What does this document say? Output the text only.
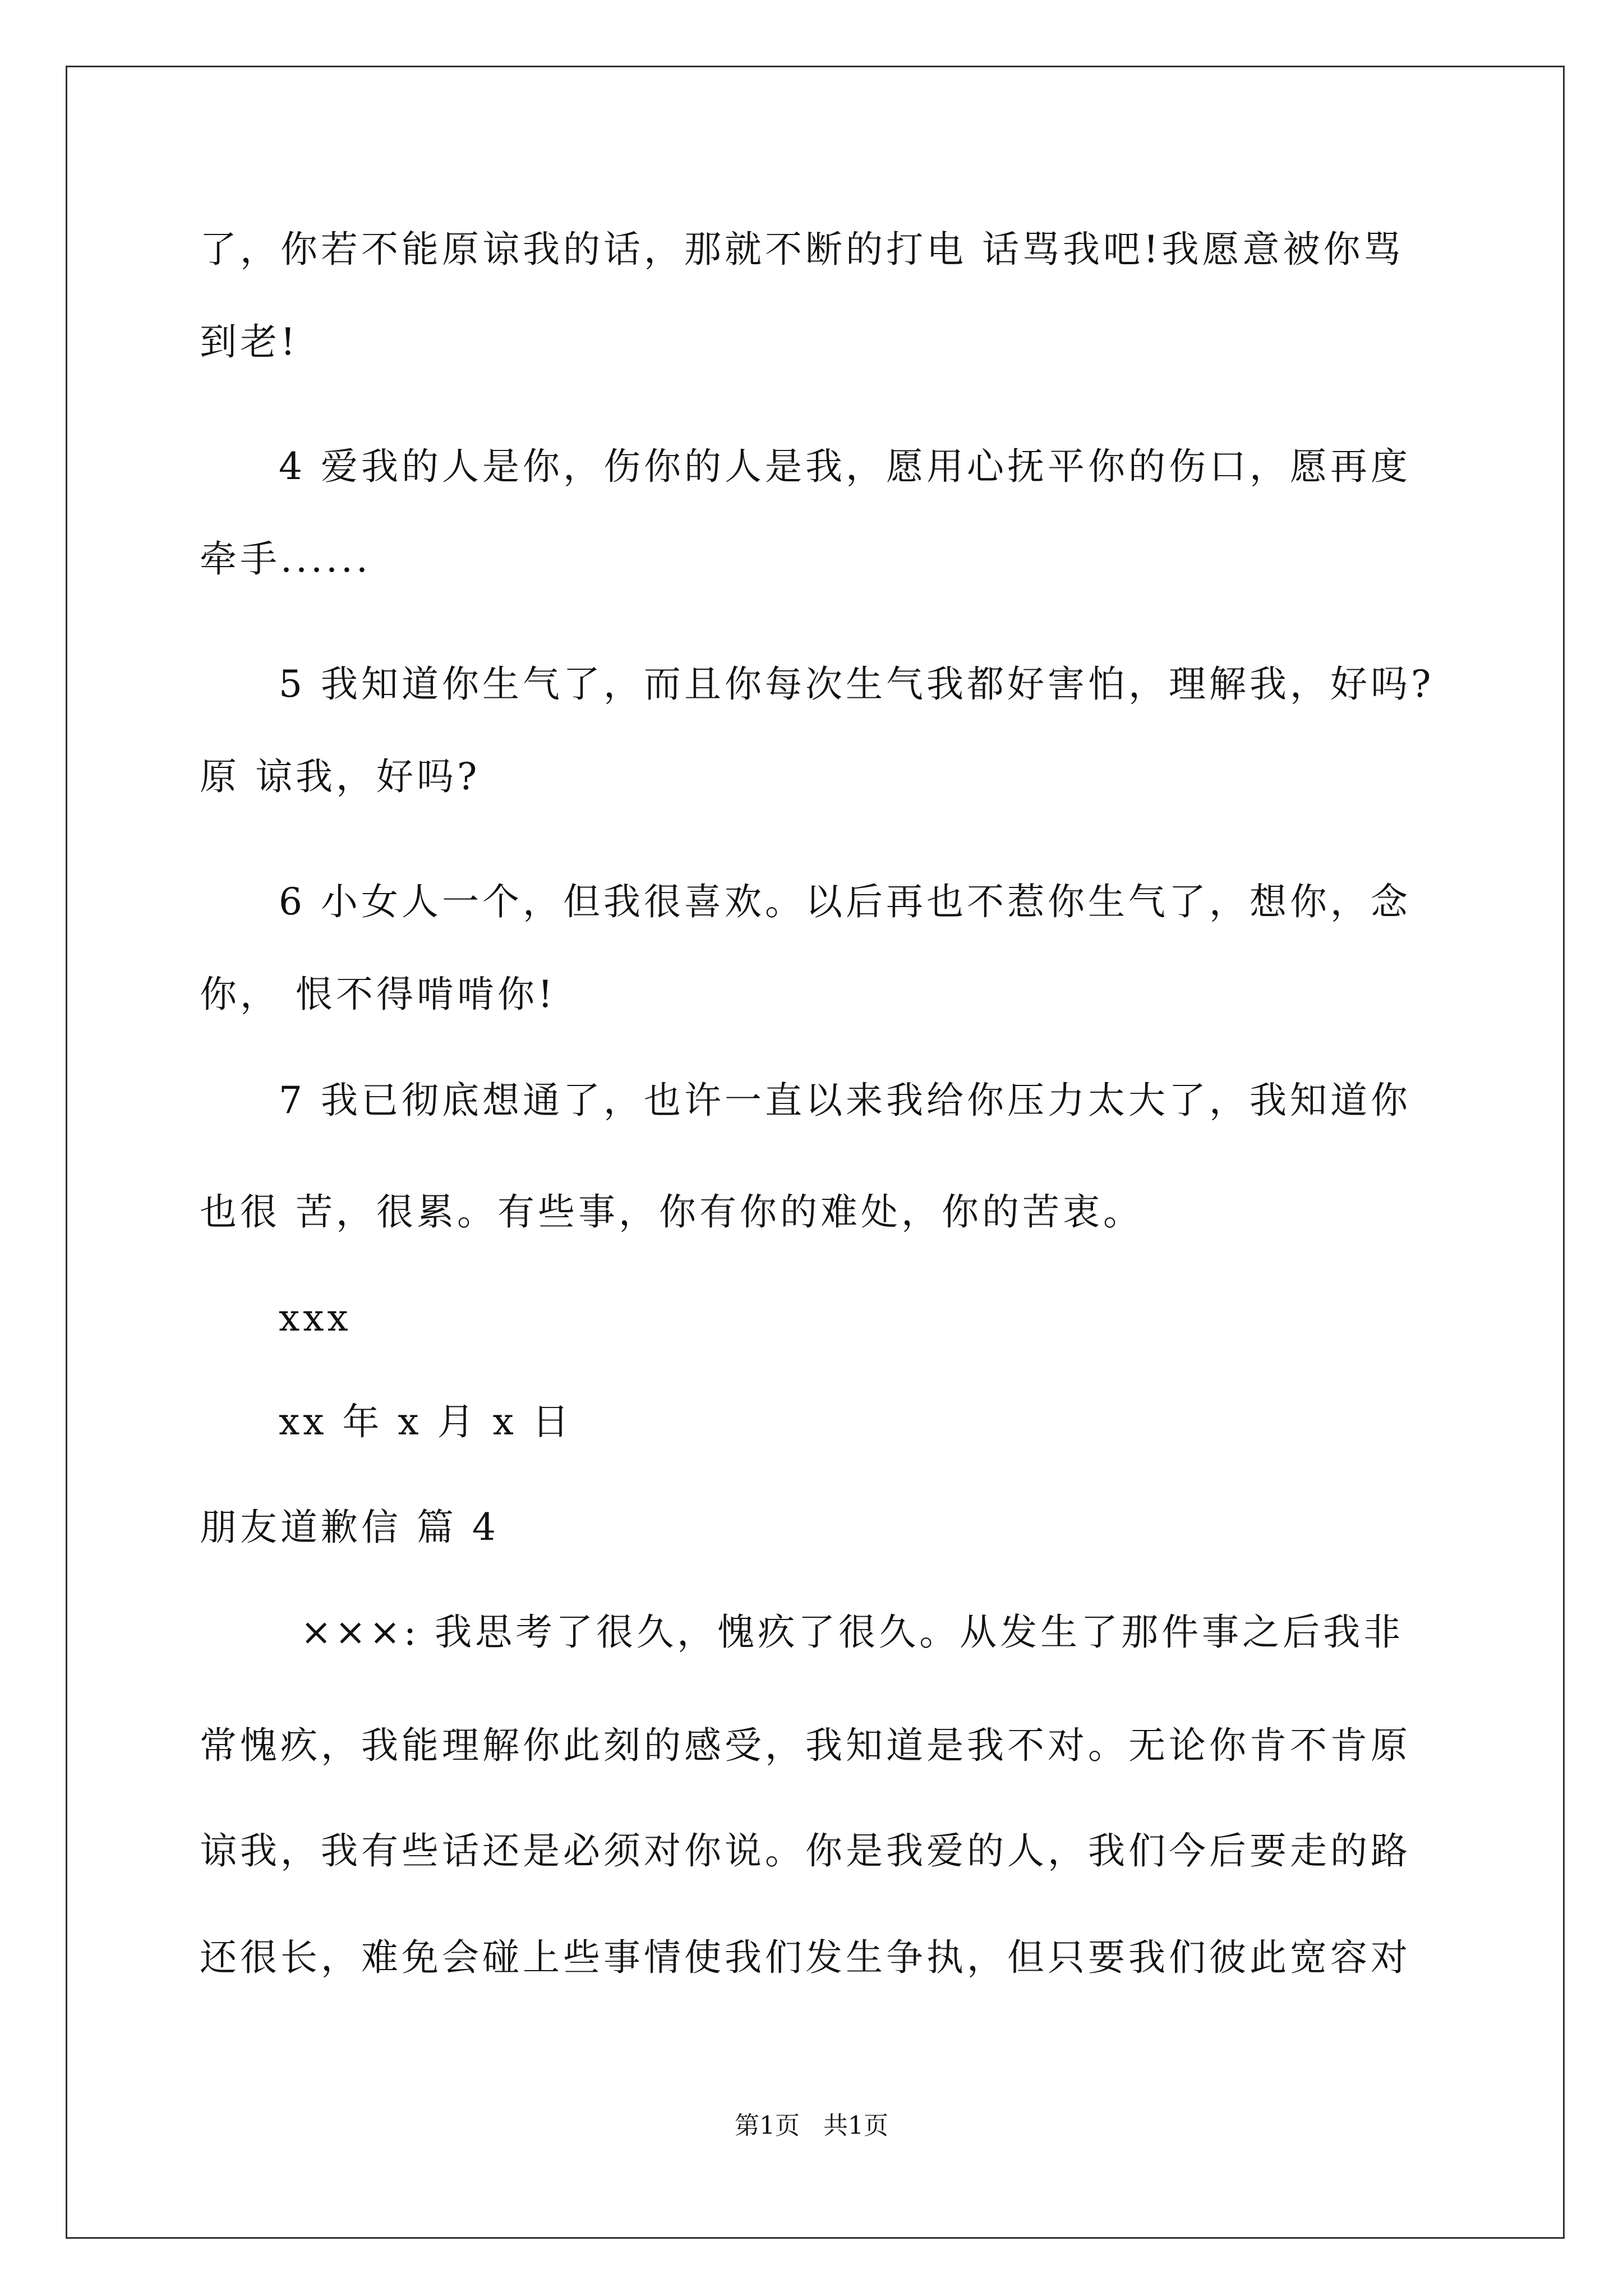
了，你若不能原谅我的话，那就不断的打电 话骂我吧!我愿意被你骂
到老!
4 爱我的人是你，伤你的人是我，愿用心抚平你的伤口，愿再度
牵手......
5 我知道你生气了，而且你每次生气我都好害怕，理解我，好吗?
原 谅我，好吗?
6 小女人一个，但我很喜欢。以后再也不惹你生气了，想你，念
你， 恨不得啃啃你!
7 我已彻底想通了，也许一直以来我给你压力太大了，我知道你
也很 苦，很累。有些事，你有你的难处，你的苦衷。
xxx
xx 年 x 月 x 日
朋友道歉信 篇 4
×××: 我思考了很久，愧疚了很久。从发生了那件事之后我非
常愧疚，我能理解你此刻的感受，我知道是我不对。无论你肯不肯原
谅我，我有些话还是必须对你说。你是我爱的人，我们今后要走的路
还很长，难免会碰上些事情使我们发生争执，但只要我们彼此宽容对
第1页   共1页
